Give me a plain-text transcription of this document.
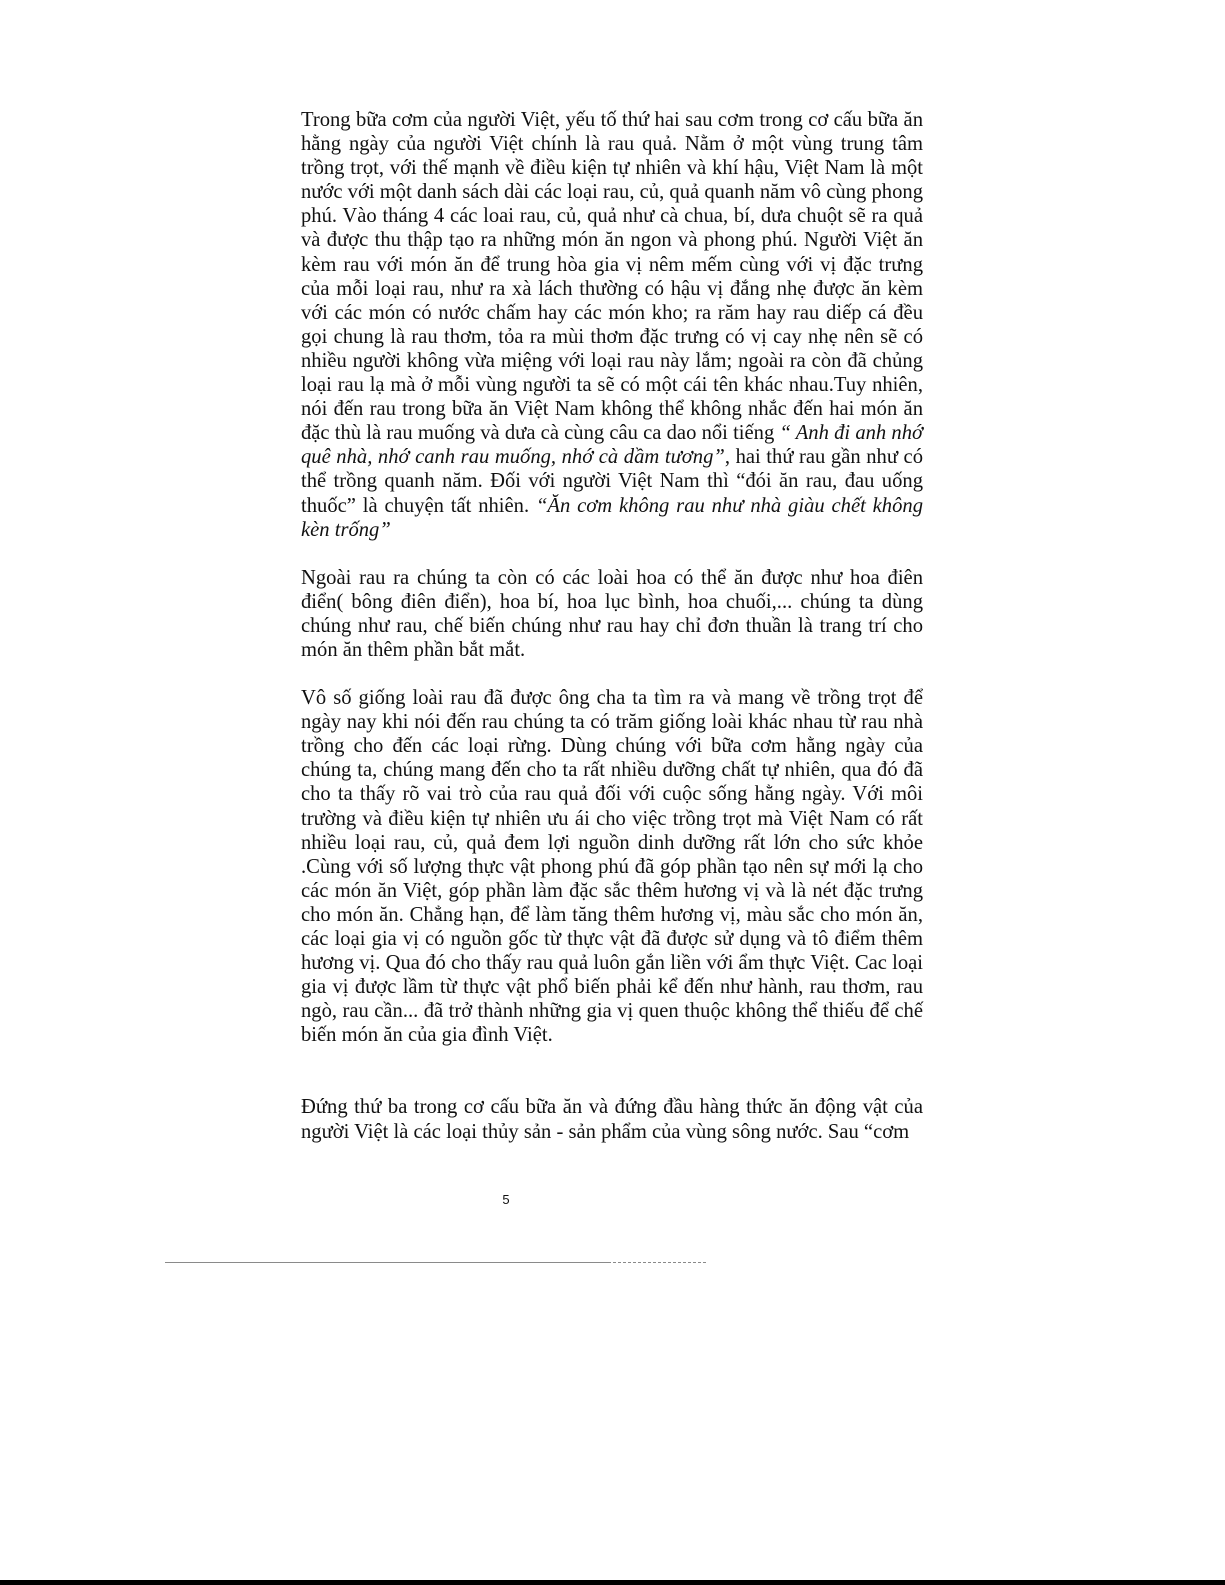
Trong bữa cơm của người Việt, yếu tố thứ hai sau cơm trong cơ cấu bữa ăn hằng ngày của người Việt chính là rau quả. Nằm ở một vùng trung tâm trồng trọt, với thế mạnh về điều kiện tự nhiên và khí hậu, Việt Nam là một nước với một danh sách dài các loại rau, củ, quả quanh năm vô cùng phong phú. Vào tháng 4 các loai rau, củ, quả như cà chua, bí, dưa chuột sẽ ra quả và được thu thập tạo ra những món ăn ngon và phong phú. Người Việt ăn kèm rau với món ăn để trung hòa gia vị nêm mếm cùng với vị đặc trưng của mỗi loại rau, như ra xà lách thường có hậu vị đắng nhẹ được ăn kèm với các món có nước chấm hay các món kho; ra răm hay rau diếp cá đều gọi chung là rau thơm, tỏa ra mùi thơm đặc trưng có vị cay nhẹ nên sẽ có nhiều người không vừa miệng với loại rau này lắm; ngoài ra còn đã chủng loại rau lạ mà ở mỗi vùng người ta sẽ có một cái tên khác nhau.Tuy nhiên, nói đến rau trong bữa ăn Việt Nam không thể không nhắc đến hai món ăn đặc thù là rau muống và dưa cà cùng câu ca dao nổi tiếng “ Anh đi anh nhớ quê nhà, nhớ canh rau muống, nhớ cà dầm tương”, hai thứ rau gần như có thể trồng quanh năm. Đối với người Việt Nam thì “đói ăn rau, đau uống thuốc” là chuyện tất nhiên. “Ăn cơm không rau như nhà giàu chết không kèn trống”

Ngoài rau ra chúng ta còn có các loài hoa có thể ăn được như hoa điên điển( bông điên điển), hoa bí, hoa lục bình, hoa chuối,... chúng ta dùng chúng như rau, chế biến chúng như rau hay chỉ đơn thuần là trang trí cho món ăn thêm phần bắt mắt.

Vô số giống loài rau đã được ông cha ta tìm ra và mang về trồng trọt để ngày nay khi nói đến rau chúng ta có trăm giống loài khác nhau từ rau nhà trồng cho đến các loại rừng. Dùng chúng với bữa cơm hằng ngày của chúng ta, chúng mang đến cho ta rất nhiều dưỡng chất tự nhiên, qua đó đã cho ta thấy rõ vai trò của rau quả đối với cuộc sống hằng ngày. Với môi trường và điều kiện tự nhiên ưu ái cho việc trồng trọt mà Việt Nam có rất nhiều loại rau, củ, quả đem lợi nguồn dinh dưỡng rất lớn cho sức khỏe .Cùng với số lượng thực vật phong phú đã góp phần tạo nên sự mới lạ cho các món ăn Việt, góp phần làm đặc sắc thêm hương vị và là nét đặc trưng cho món ăn. Chẳng hạn, để làm tăng thêm hương vị, màu sắc cho món ăn, các loại gia vị có nguồn gốc từ thực vật đã được sử dụng và tô điểm thêm hương vị. Qua đó cho thấy rau quả luôn gắn liền với ẩm thực Việt. Cac loại gia vị được lầm từ thực vật phổ biến phải kể đến như hành, rau thơm, rau ngò, rau cần... đã trở thành những gia vị quen thuộc không thể thiếu để chế biến món ăn của gia đình Việt.

Đứng thứ ba trong cơ cấu bữa ăn và đứng đầu hàng thức ăn động vật của người Việt là các loại thủy sản - sản phẩm của vùng sông nước. Sau “cơm

5
